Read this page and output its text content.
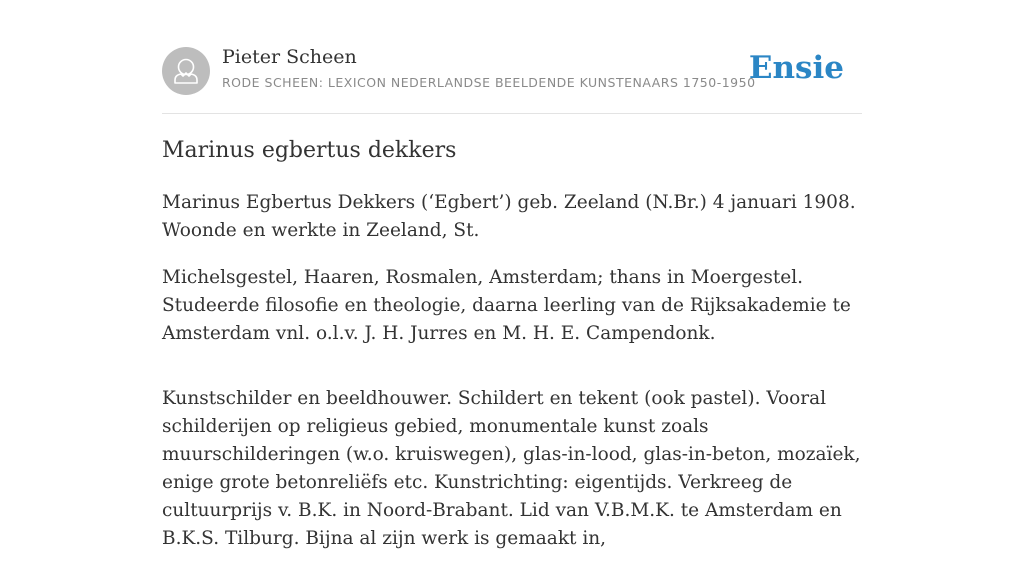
Pieter Scheen
RODE SCHEEN: LEXICON NEDERLANDSE BEELDENDE KUNSTENAARS 1750-1950
Ensie
Marinus egbertus dekkers

Marinus Egbertus Dekkers (‘Egbert’) geb. Zeeland (N.Br.) 4 januari 1908. Woonde en werkte in Zeeland, St.

Michelsgestel, Haaren, Rosmalen, Amsterdam; thans in Moergestel. Studeerde filosofie en theologie, daarna leerling van de Rijksakademie te Amsterdam vnl. o.l.v. J. H. Jurres en M. H. E. Campendonk.

Kunstschilder en beeldhouwer. Schildert en tekent (ook pastel). Vooral schilderijen op religieus gebied, monumentale kunst zoals muurschilderingen (w.o. kruiswegen), glas-in-lood, glas-in-beton, mozaïek, enige grote betonreliëfs etc. Kunstrichting: eigentijds. Verkreeg de cultuurprijs v. B.K. in Noord-Brabant. Lid van V.B.M.K. te Amsterdam en B.K.S. Tilburg. Bijna al zijn werk is gemaakt in,
